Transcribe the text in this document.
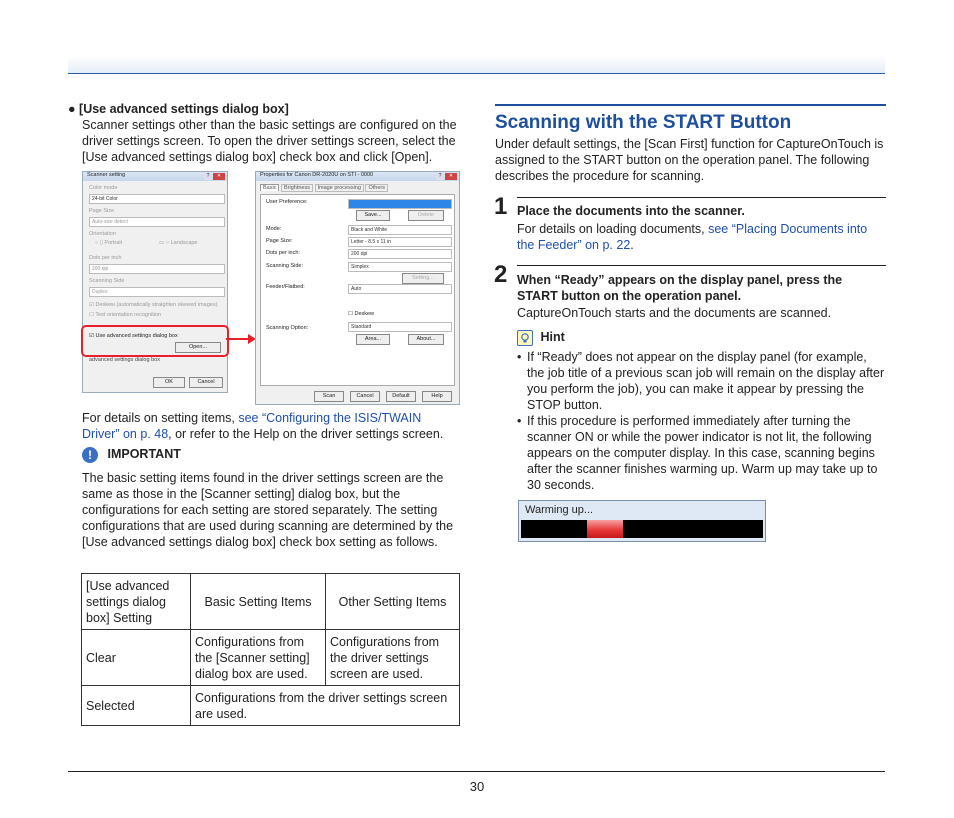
● [Use advanced settings dialog box]
Scanner settings other than the basic settings are configured on the driver settings screen. To open the driver settings screen, select the [Use advanced settings dialog box] check box and click [Open].
Scanner setting	?	✕
Color mode
24-bit Color
Page Size
Auto-size detect
Orientation
○ ▯ Portrait	▭ ○ Landscape
Dots per inch
200 dpi
Scanning Side
Duplex
☑ Deskew (automatically straighten skewed images)
☐ Text orientation recognition
☑ Use advanced settings dialog box
Open...
advanced settings dialog box
OK	Cancel
Properties for Canon DR-2020U on STI - 0000	?	✕
Basic Brightness Image processing Others
User Preference:
Save...	Delete
Mode:	Black and White
Page Size:	Letter - 8.5 x 11 in
Dots per inch:	200 dpi
Scanning Side:	Simplex
Setting...
Feeder/Flatbed:	Auto
☐ Deskew
Scanning Option:	Standard
Area...	About...
Scan	Cancel	Default	Help
For details on setting items, see “Configuring the ISIS/TWAIN Driver” on p. 48, or refer to the Help on the driver settings screen.
! IMPORTANT
The basic setting items found in the driver settings screen are the same as those in the [Scanner setting] dialog box, but the configurations for each setting are stored separately. The setting configurations that are used during scanning are determined by the [Use advanced settings dialog box] check box setting as follows.
[Use advanced settings dialog box] Setting	Basic Setting Items	Other Setting Items
Clear	Configurations from the [Scanner setting] dialog box are used.	Configurations from the driver settings screen are used.
Selected	Configurations from the driver settings screen are used.	
Scanning with the START Button
Under default settings, the [Scan First] function for CaptureOnTouch is assigned to the START button on the operation panel. The following describes the procedure for scanning.
1 Place the documents into the scanner.
For details on loading documents, see “Placing Documents into the Feeder” on p. 22.
2 When “Ready” appears on the display panel, press the START button on the operation panel.
CaptureOnTouch starts and the documents are scanned.
Hint
• If “Ready” does not appear on the display panel (for example, the job title of a previous scan job will remain on the display after you perform the job), you can make it appear by pressing the STOP button.
• If this procedure is performed immediately after turning the scanner ON or while the power indicator is not lit, the following appears on the computer display. In this case, scanning begins after the scanner finishes warming up. Warm up may take up to 30 seconds.
Warming up...
30
